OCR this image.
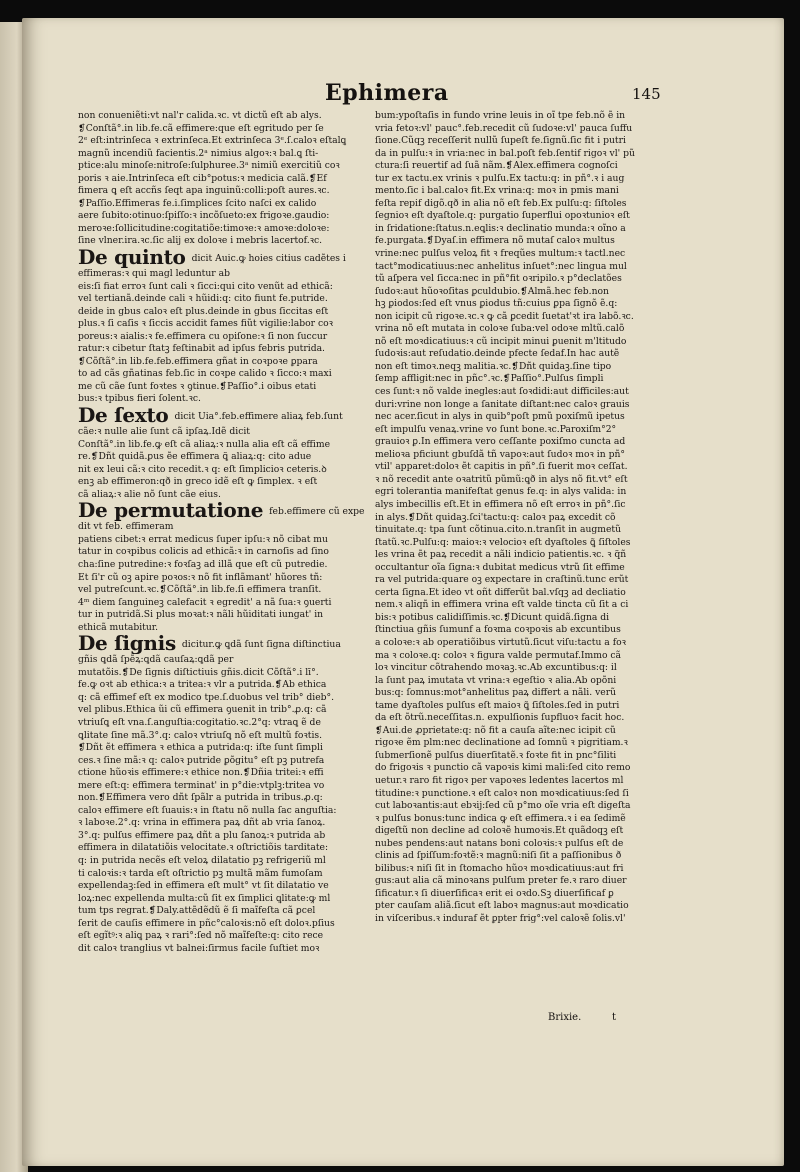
Ephimera	145
non conueniẽti:vt nal'r calida.ꝛc. vt dictũ eſt ab alys.
❡Conſtã°.in lib.fe.cã effimere:que eſt egritudo per ſe
2ᵉ eſt:intrinſeca ꝛ extrinſeca.Et extrinſeca 3ᵉ.ſ.caloꝛ eſtalꝗ
magnũ incendiũ facientis.2ᵃ nimius algoꝛ:ꝛ bal.ꝗ ſti-
ptice:alu minoſe:nitroſe:ſulphuree.3ᵃ nimiũ exercitiũ coꝛ
poris ꝛ aie.Intrinſeca eſt cib°potus:ꝛ medicia calã.❡Ef
fimera ꝗ eſt accñs ſeqt apa inguinũ:colli:poſt aures.ꝛc.
❡Paſſio.Effimeras fe.i.ſimplices ſcito naſci ex calido
aere ſubito:otinuo:ſpiſſo:ꝛ incõſueto:ex frigoꝛe.gaudio:
meroꝛe:ſollicitudine:cogitatiõe:timoꝛe:ꝛ amoꝛe:doloꝛe:
ſine vlner.ira.ꝛc.ſic alij ex doloꝛe i mebris lacertof.ꝛc.
De quinto dicit Auic.ꝙ hoies citius cadẽtes i
effimeras:ꝛ qui magl leduntur ab
eis:ſi fiat erroꝛ ſunt cali ꝛ ſicci:qui cito venũt ad ethicã:
vel tertianã.deinde cali ꝛ hũidi:q: cito fiunt fe.putride.
deide in gbus caloꝛ eſt plus.deinde in gbus ſiccitas eſt
plus.ꝛ ſi caſis ꝛ ſiccis accidit fames fiũt vigilie:labor coꝛ
poreus:ꝛ aialis:ꝛ fe.effimera cu opiſone:ꝛ ſi non ſuccur
ratur:ꝛ cibetur ſtatꝫ feſtinabit ad ipſus febris putrida.
❡Cõſtã°.in lib.fe.feb.effimera gñat in coꝛpoꝛe ꝑpara
to ad cãs gñatinas feb.ſic in coꝛpe calido ꝛ ſicco:ꝛ maxi
me cũ cãe ſunt foꝛtes ꝛ ꝯtinue.❡Paſſio°.i oibus etati
bus:ꝛ tpibus fieri ſolent.ꝛc.
De ſexto dicit Uia°.feb.effimere aliaꝝ feb.ſunt
cãe:ꝛ nulle alie ſunt cã ipſaꝝ.Idẽ dicit
Conſtã°.in lib.fe.ꝙ eſt cã aliaꝝ:ꝛ nulla alia eſt cã effime
re.❡Dñt quidã.ꝑus ẽe effimera ꝗ̃ aliaꝝ:q: cito adue
nit ex leui cã:ꝛ cito recedit.ꝛ q: eſt ſimplicioꝛ ceteris.ꝺ
enꝫ ab effimeron:qð in greco idẽ eſt ꝙ ſimplex. ꝛ eſt
cã aliaꝝ:ꝛ alie nõ ſunt cãe eius.
De permutatione feb.effimere cũ expe
dit vt feb. effimeram
patiens cibet:ꝛ errat medicus ſuper ipſu:ꝛ nõ cibat mu
tatur in coꝛpibus colicis ad ethicã:ꝛ in carnoſis ad ſino
cha:ſine putredine:ꝛ foꝛſaꝫ ad illã que eſt cũ putredie.
Et ſi'r cũ oꝫ apire poꝛos:ꝛ nõ fit inflãmant' hũores tñ:
vel putreſcunt.ꝛc.❡Cõſtã°.in lib.fe.ſi effimera tranſit.
4ᵐ diem ſanguineꝫ calefacit ꝛ egredit' a nã ſua:ꝛ ꝯuerti
tur in putridã.Si plus moꝛat:ꝛ nãli hũiditati iungat' in
ethicã mutabitur.
De ſignis dicitur.ꝙ ꝗdã ſunt ſigna diſtinctiua
gñis ꝗdã ſpẽꝝ:ꝗdã cauſaꝝ:ꝗdã per
mutatõis.❡De ſignis diſtictiuis gñis.dicit Cõſtã°.i lī°.
fe.ꝙ oꝛt ab ethica:ꝛ a tritea:ꝛ vlr a putrida.❡Ab ethica
q: cã effimef eſt ex modico tpe.ſ.duobus vel trib° dieb°.
vel plibus.Ethica ũi cũ effimera ꝯuenit in trib°.ꝓ.q: cã
vtriuſꝗ eſt vna.ſ.anguſtia:cogitatio.ꝛc.2°q: vtraꝗ ẽ de
ꝗlitate ſine mã.3°.q: caloꝛ vtriuſꝗ nõ eſt multũ foꝛtis.
❡Dñt ẽt effimera ꝛ ethica a putrida:q: iſte ſunt ſimpli
ces.ꝛ ſine mã:ꝛ q: caloꝛ putride ꝑõgitu° eſt pꝫ putrefa
ctione hũoꝛis effimere:ꝛ ethice non.❡Dñia tritei:ꝛ effi
mere eſt:q: effimera terminat' in p°die:vtplꝫ:tritea vo
non.❡Effimera vero dñt ſpãlr a putrida in tribus.ꝓ.q:
caloꝛ effimere eſt ſuauis:ꝛ in ſtatu nõ nulla ſac anguſtia:
ꝛ laboꝛe.2°.q: vrina in effimera paꝝ dñt ab vria ſanoꝝ.
3°.q: pulſus effimere paꝝ dñt a pl̃u ſanoꝝ:ꝛ putrida ab
effimera in dilatatiõis velocitate.ꝛ oſtrictiõis tarditate:
q: in putrida necẽs eſt veloꝝ dilatatio pꝫ refrigeriũ mĺ
ti caloꝛis:ꝛ tarda eſt oſtrictio pꝫ multã mãm fumoſam
expellendaꝫ:ſed in effimera eſt mult° vt ſit dilatatio ve
loꝝ:nec expellenda multa:cũ ſit ex ſimplici ꝗlitate:ꝙ mĺ
tum tps regrat.❡Daly.attẽdẽdũ ẽ ſi maĩfeſta cã ꝑcel
ſerit de cauſis effimere in pñc°caloꝛis:nõ eſt doloꝛ.pſius
eſt egĩtꝰ:ꝛ aliꝗ paꝝ ꝛ rari°:ſed nõ maĩfeſte:q: cito rece
dit caloꝛ tranglius vt balnei:ſirmus facile ſuſtiet moꝛ
bum:ypoſtaſis in fundo vrine leuis in oĩ tpe feb.nõ ẽ in
vria fetoꝛ:vl' pauc°.feb.recedit cũ ſudoꝛe:vl' pauca ſuffu
ſione.Cũqꝫ receſſerit nullũ ſupeſt fe.ſignũ.ſic fit i putri
da in pulſu:ꝛ in vria:nec in bal.poſt feb.ſentif rigoꝛ vl' pũ
ctura:ſi reuertif ad ſuã nãm.❡Alex.effimera cognoſci
tur ex tactu.ex vrinis ꝛ pulſu.Ex tactu:q: in pñ°.ꝛ i aug
mento.ſic i bal.caloꝛ fit.Ex vrina:q: moꝛ in pmis mani
feſta repif digõ.qð in alia nõ eſt feb.Ex pulſu:q: ſiſtoles
ſegnioꝛ eſt dyaſtole.q: purgatio ſuperflui opoꝛtunioꝛ eſt
in ſridatione:ſtatus.n.eꝗlis:ꝛ declinatio munda:ꝛ oĩno a
fe.purgata.❡Dyaſ.in effimera nõ mutaſ caloꝛ multus
vrine:nec pulſus veloꝝ fit ꝛ freqũes multum:ꝛ tactl.nec
tact°modicatiuus:nec anhelitus inſuet°:nec lingua mul
tũ aſpera vel ſicca:nec in pñ°fit oꝛripilo.ꝛ p°declatões
ſudoꝛ:aut hũoꝛoſitas ꝑculdubio.❡Almã.hec feb.non
hꝫ ꝑiodos:ſed eſt vnus ꝑiodus tñ:cuius ꝑpa ſignõ ẽ.q:
non icipit cũ rigoꝛe.ꝛc.ꝛ ꝙ cã ꝑcedit ſuetat'ꝛt ira labõ.ꝛc.
vrina nõ eſt mutata in coloꝛe ſuba:vel odoꝛe mĺtũ.calõ
nõ eſt moꝛdicatiuus:ꝛ cũ incipit minui ꝑuenit m'ltitudo
ſudoꝛis:aut reſudatio.deinde pfecte ſedaf.In hac autẽ
non eſt timoꝛ.neqꝫ malitia.ꝛc.❡Dñt quidaꝫ.ſine tipo
ſemp affligit:nec in pñc°.ꝛc.❡Paſſio°.Pulſus ſimpli
ces ſunt:ꝛ nõ valde inegles:aut ſoꝛdidi:aut difficiles:aut
duri:vrine non longe a ſanitate diſtant:nec caloꝛ grauis
nec acer.ſicut in alys in quib°poſt pmũ poxiſmũ ipetus
eſt impulſu venaꝝ.vrine vo ſunt bone.ꝛc.Paroxiſm°2°
grauioꝛ ꝑ.In effimera vero ceſſante poxiſmo cuncta ad
melioꝛa pficiunt gbuſdã tñ vapoꝛ:aut ſudoꝛ moꝛ in pñ°
vtil' apparet:doloꝛ ẽt capitis in pñ°.ſi fuerit moꝛ ceſſat.
ꝛ nõ recedit ante oꝛatritũ pũmũ:ꝗð in alys nõ fit.vt° eſt
egri tolerantia manifeſtat genus fe.q: in alys valida: in
alys imbecillis eſt.Et in effimera nõ eſt erroꝛ in pñ°.ſic
in alys.❡Dñt quidaꝫ.ſci'tactu:q: caloꝛ paꝝ excedit cõ
tinuitate.q: tpa ſunt cõtinua.cito.n.tranſit in augmetũ
ſtatũ.ꝛc.Pulſu:q: maioꝛ:ꝛ velocioꝛ eſt dyaſtoles ꝗ̃ ſiſtoles
les vrina ẽt paꝝ recedit a nãli indicio patientis.ꝛc. ꝛ q̃ñ
occultantur oĩa ſigna:ꝛ dubitat medicus vtrũ ſit effime
ra vel putrida:quare oꝫ expectare in craſtinũ.tunc erũt
certa ſigna.Et ideo vt oñt differũt bal.vſqꝫ ad decliatio
nem.ꝛ aliqñ in effimera vrina eſt valde tincta cũ ſit a ci
bis:ꝛ potibus calidiſſimis.ꝛc.❡Dicunt quidã.ſigna di
ſtinctiua gñis ſumunf a foꝛma coꝛpoꝛis ab excuntibus
a coloꝛe:ꝛ ab operatiõibus virtutũ.ſicut viſu:tactu a foꝛ
ma ꝛ coloꝛe.q: coloꝛ ꝛ figura valde permutaf.Immo cã
loꝛ vincitur cõtrahendo moꝛaꝫ.ꝛc.Ab excuntibus:q: il
la ſunt paꝝ imutata vt vrina:ꝛ egeſtio ꝛ alia.Ab opõni
bus:q: ſomnus:mot°anhelitus paꝝ differt a nãli. verũ
tame dyaſtoles pulſus eſt maioꝛ ꝗ̃ ſiſtoles.ſed in putri
da eſt õtrũ.neceſſitas.n. expulſionis ſupfluoꝛ facit hoc.
❡Aui.de ꝓprietate:q: nõ fit a cauſa aĩte:nec icipit cũ
rigoꝛe ẽm plm:nec declinatione ad ſomnũ ꝛ pigritiam.ꝛ
ſubmerſionẽ pulſus diuerſitatẽ.ꝛ foꝛte fit in pnc°ſiliti
do frigoꝛis ꝛ punctio cã vapoꝛis kimi mali:ſed cito remo
uetur.ꝛ raro fit rigoꝛ per vapoꝛes ledentes lacertos mĺ
titudine:ꝛ punctione.ꝛ eſt caloꝛ non moꝛdicatiuus:ſed ſi
cut laboꝛantis:aut ebꝛij:ſed cũ p°mo oĩe vria eſt digeſta
ꝛ pulſus bonus:tunc indica ꝙ eſt effimera.ꝛ i ea ſedimẽ
digeſtũ non decline ad coloꝛẽ humoꝛis.Et quãdoqꝫ eſt
nubes pendens:aut natans boni coloꝛis:ꝛ pulſus eſt de
clinis ad ſpiſſum:foꝛtẽ:ꝛ magnũ:niſi ſit a paſſionibus ð
bilibus:ꝛ niſi ſit in ſtomacho hũoꝛ moꝛdicatiuus:aut fri
gus:aut alia cã minoꝛans pulſum preter fe.ꝛ raro diuer
ſificatur.ꝛ ſi diuerſificaꝛ erit ei oꝛdo.Sꝫ diuerſificaf ꝑ
pter cauſam aliã.ſicut eſt laboꝛ magnus:aut moꝛdicatio
in viſceribus.ꝛ induraf ẽt ꝑpter frig°:vel caloꝛẽ ſolis.vl'
Brixie.	t
